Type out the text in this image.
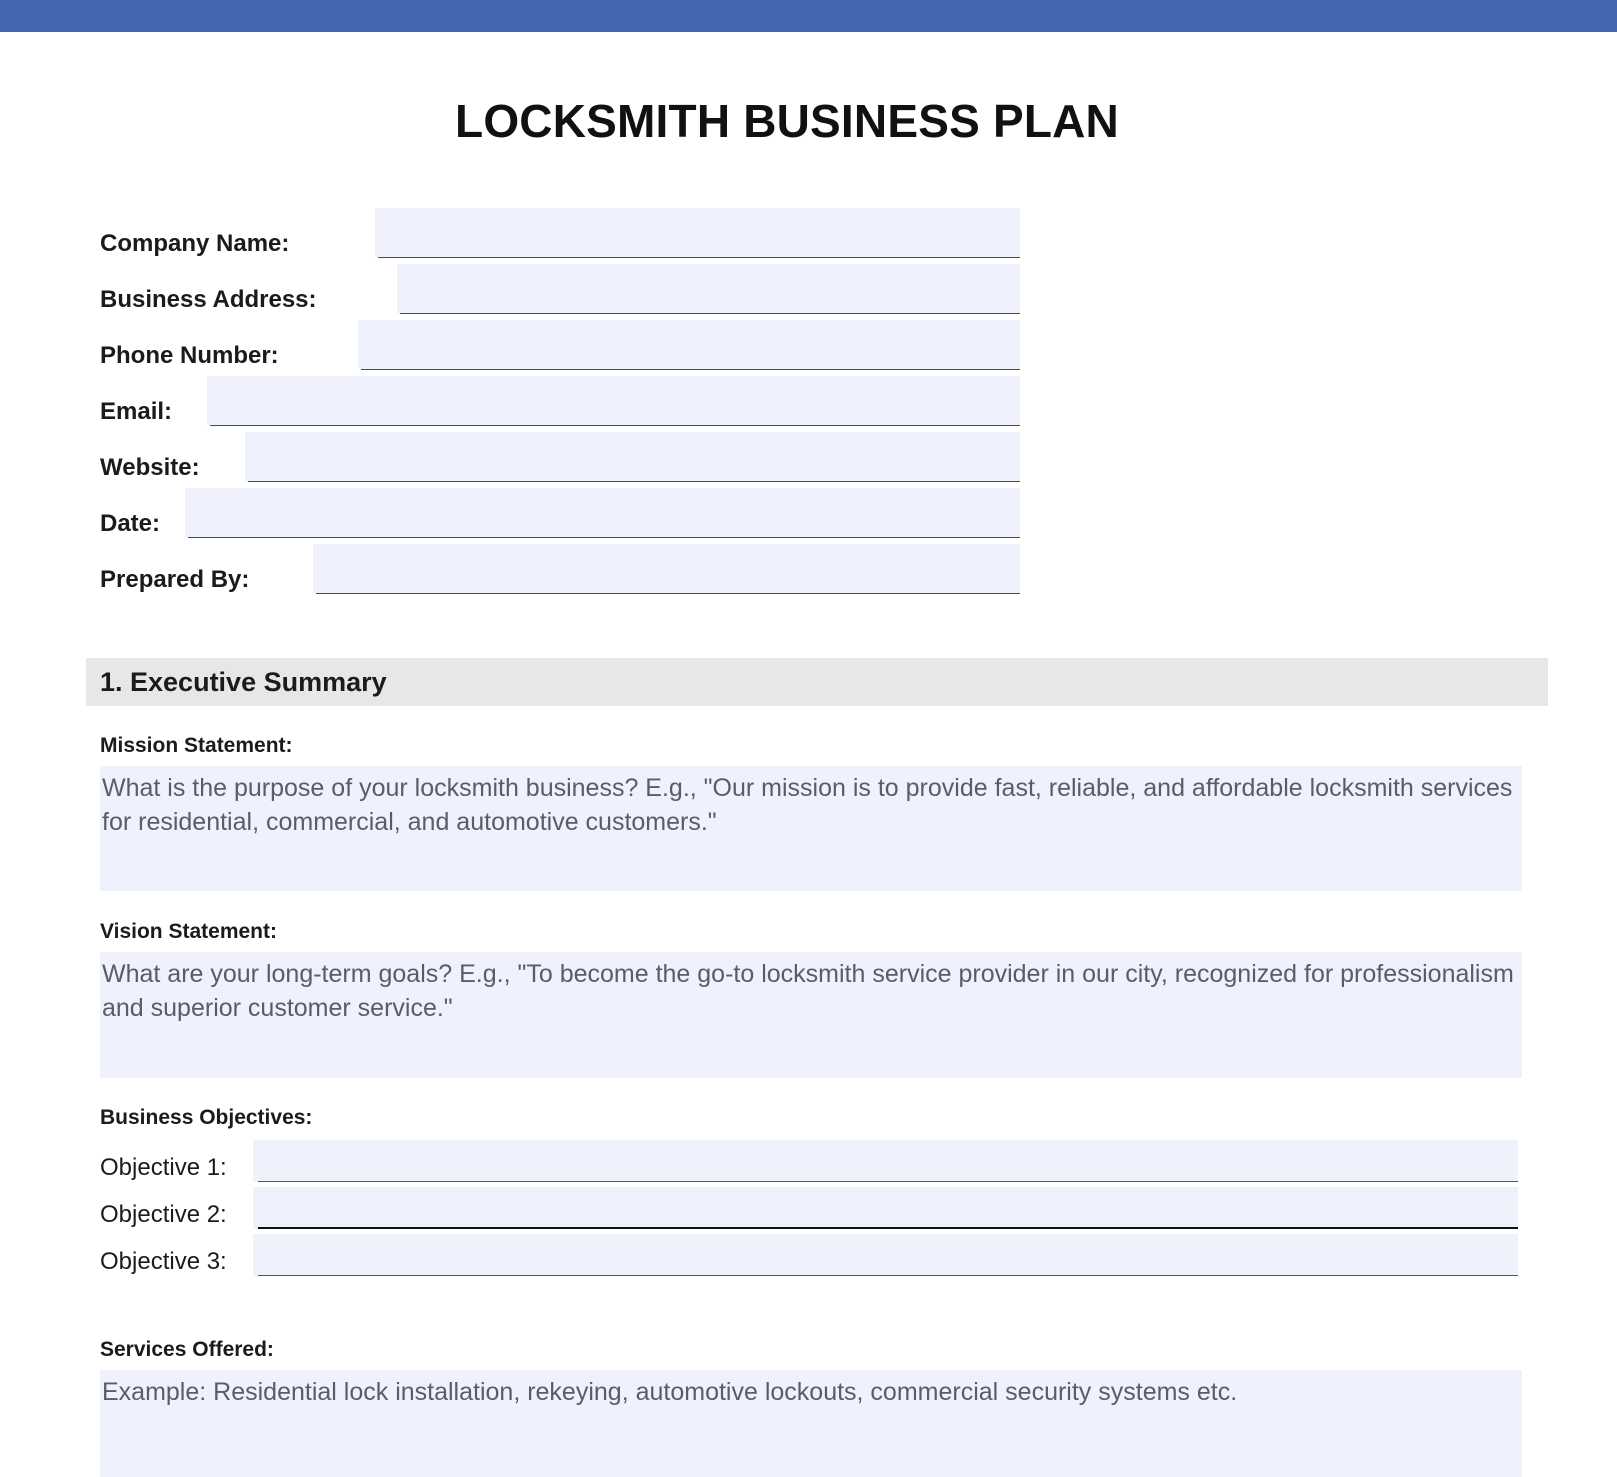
LOCKSMITH BUSINESS PLAN
Company Name:
Business Address:
Phone Number:
Email:
Website:
Date:
Prepared By:
1. Executive Summary
Mission Statement:
What is the purpose of your locksmith business? E.g., "Our mission is to provide fast, reliable, and affordable locksmith services for residential, commercial, and automotive customers."
Vision Statement:
What are your long-term goals? E.g., "To become the go-to locksmith service provider in our city, recognized for professionalism and superior customer service."
Business Objectives:
Objective 1:
Objective 2:
Objective 3:
Services Offered:
Example: Residential lock installation, rekeying, automotive lockouts, commercial security systems etc.
